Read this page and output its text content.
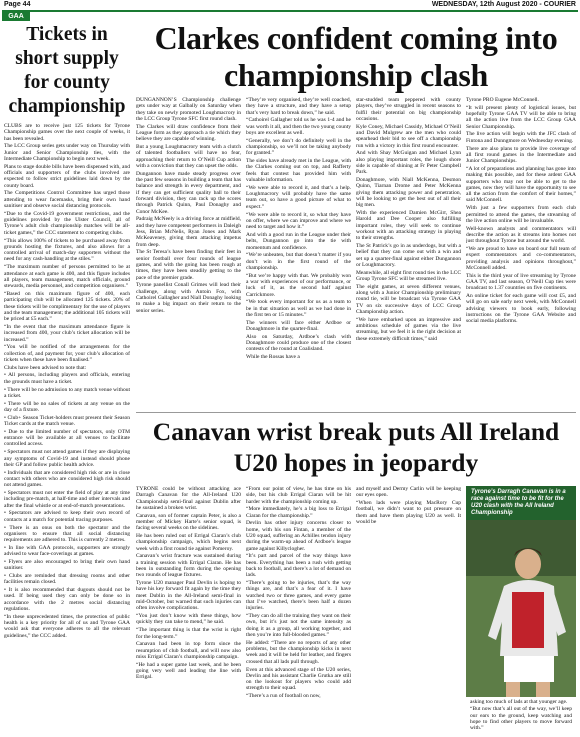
Page 44	WEDNESDAY, 12th August 2020 - COURIER
GAA
Tickets in short supply for county championship

CLUBS are to receive just 125 tickets for Tyrone Championship games over the next couple of weeks, it has been revealed.

The LCC Group series gets under way on Thursday with Junior and Senior Championship ties, with the Intermediate Championship to begin next week.

Plans to stage double bills have been dispensed with, and officials and supporters of the clubs involved are expected to follow strict guidelines laid down by the county board.

The Competitions Control Committee has urged those attending to wear facemasks, bring their own hand sanitiser and observe social distancing protocols.

“Due to the Covid-19 government restrictions, and the guidelines provided by the Ulster Council, all of Tyrone’s adult club championship matches will be all-ticket games,” the CCC statement to competing clubs.

“This allows 100% of tickets to be purchased away from grounds hosting the fixtures, and also allows for a controlled arrival of match-day supporters without the need for any cash-handling at the stiles.”

“The maximum number of persons permitted to be at attendance at each game is 400, and this figure includes all players, team management, match officials, ground stewards, media personnel, and competition organisers.”

“Based on this maximum figure of 400, each participating club will be allocated 125 tickets. 20% of these tickets will be complimentary for the use of players and the team management; the additional 105 tickets will be priced at £5 each.”

“In the event that the maximum attendance figure is increased from 400, your club’s ticket allocation will be increased.”

“You will be notified of the arrangements for the collection of, and payment for, your club’s allocation of tickets when these have been finalised.”

Clubs have been advised to note that:

• All persons, including players and officials, entering the grounds must have a ticket.

• There will be no admission to any match venue without a ticket.

• There will be no sales of tickets at any venue on the day of a fixture.

• Club+ Season Ticket-holders must present their Season Ticket cards at the match venue.

• Due to the limited number of spectators, only OTM entrance will be available at all venues to facilitate controlled access.

• Spectators must not attend games if they are displaying any symptoms of Covid-19 and instead should phone their GP and follow public health advice.

• Individuals that are considered high risk or are in close contact with others who are considered high risk should not attend games.

• Spectators must not enter the field of play at any time including pre-match, at half-time and other intervals and after the final whistle or at end-of-match presentations.

• Spectators are advised to keep their own record of contacts at a match for potential tracing purposes.

• There is an onus on both the spectator and the organisers to ensure that all social distancing requirements are adhered to. This is currently 2 metres.

• In line with GAA protocols, supporters are strongly advised to wear face-coverings at games.

• Flyers are also encouraged to bring their own hand sanitiser.

• Clubs are reminded that dressing rooms and other facilities remain closed.

• It is also recommended that dugouts should not be used. If being used they can only be done so in accordance with the 2 metres social distancing regulations.

“In these unprecedented times, the protection of public health is a key priority for all of us and Tyrone GAA would ask that everyone adheres to all the relevant guidelines,” the CCC added.

Clarkes confident coming into championship clash

DUNGANNON’S Championship challenge gets under way at Galbally on Saturday when they take on newly promoted Loughmacrory in the LCC Group Tyrone SFC first round clash.

The Clarkes will draw confidence from their League form as they approach a tie which they believe they are capable of winning.

But a young Loughmacrory team with a clutch of talented footballers will have no fear, approaching their return to O’Neill Cup action with a conviction that they can upset the odds.

Dungannon have made steady progress over the past few seasons in building a team that has balance and strength in every department, and if they can get sufficient quality ball to their forward division, they can rack up the scores through Patrick Quinn, Paul Donaghy and Conor McKee.

Padraig McNeely is a driving force at midfield, and they have competent performers in Daleigh Jess, Brian McNelis, Ryan Jones and Mark McKeaveney, giving them attacking impetus from deep.

The St Teresa’s have been finding their feet in senior football over four rounds of league games, and with the going has been rough at times, they have been steadily getting to the pace of the premier grade.

Tyrone panellist Conall Grimes will lead their challenge, along with Antoin Fox, with Cathoirel Gallagher and Niall Donaghy looking to make a big impact on their return to the senior series.

“They’re very organised, they’re well coached, they have a structure, and they have a setup that’s very hard to break down,” he said.

“Cathoirel Gallagher told us he was 1-4 and he was worth it all, and then the two young county boys are excellent as well.

“Generally, we don’t do definitely well in the championship, so we’ll not be taking anybody for granted.”

The sides have already met in the League, with the Clarkes coming out on top, and Rafferty feels that contest has provided him with valuable information.

“We were able to record it, and that’s a help. Loughmacrory will probably have the same team out, so have a good picture of what to expect.”

“We were able to record it, so what they have on offer, where we can improve and where we need to target and how it.”

And with a good run in the League under their belts, Dungannon go into the tie with momentum and confidence.

“We’re unbeaten, but that doesn’t matter if you don’t win in the first round of the championship.

“But we’re happy with that. We probably won a war with experiences of our performance, or luck of it, as the second half against Carrickmore.

“We took every important for us as a team to be in that situation as well as we had done in the first ten or 15 minutes.”

The winners will face either Ardboe or Donaghmore in the quarter-final.

Also on Saturday, Ardboe’s clash with Donaghmore could produce one of the closest contests of the round at Coalisland.

While the Rossas have a

star-studded team peppered with county players, they’ve struggled in recent seasons to fulfil their potential on big championship occasions.

Kyle Coney, Michael Cassidy, Michael O’Neill and David Mulgrew are the men who could spearhead their bid to see off a championship run with a victory in this first round encounter.

And with Shay McGuigan and Michael Lynn also playing important roles, the lough shore side is capable of shining at Fr Peter Campbell Park.

Donaghmore, with Niall McKenna, Desmon Quinn, Tiarnan Drome and Peter McKenna giving them attacking power and penetration, will be looking to get the best out of all their big men.

With the experienced Damien McGirr, Shea Harold and Dee Cooper also fulfilling important roles, they will seek to continue workout with an attacking strategy in playing to their strengths.

The St Patrick’s go in as underdogs, but with a belief that they can come out with a win and set up a quarter-final against either Dungannon or Loughmacrory.

Meanwhile, all eight first round ties in the LCC Group Tyrone SFC will be streamed live.

The eight games, at seven different venues, along with a Junior Championship preliminary round tie, will be broadcast via Tyrone GAA TV on six successive days of LCC Group Championship action.

“We have embarked upon an impressive and ambitious schedule of games via the live streaming, but we feel it is the right decision at these extremely difficult times,” said

Tyrone PRO Eugene McConnell.

“It will present plenty of logistical issues, but hopefully Tyrone GAA TV will be able to bring all the action live from the LCC Group GAA Senior Championship.

The live action will begin with the JFC clash of Fintona and Dunngmore on Wednesday evening.

There are also plans to provide live coverage of all first round games in the Intermediate and Junior Championships.

“A lot of preparations and planning has gone into making this possible, and for these ardent GAA supporters who may not be able to get to the games, now they will have the opportunity to see all the action from the comfort of their homes,” said McConnell.

With just a few supporters from each club permitted to attend the games, the streaming of the live action online will be invaluable.

Well-known analysts and commentators will describe the action as it streams into homes not just throughout Tyrone but around the world.

“We are proud to have on board our full team of expert commentators and co-commentators, providing analysis and opinions throughout,” McConnell added.

This is the third year of live streaming by Tyrone GAA TV, and last season, O’Neill Cup ties were broadcast to 1.37 countries on five continents.

An online ticket for each game will cost £5, and will go on sale early next week, with McConnell advising viewers to book early, following instructions on the Tyrone GAA Website and social media platforms.

Canavan wrist break puts All Ireland U20 hopes in jeopardy

TYRONE could be without attacking ace Darragh Canavan for the All-Ireland U20 Championship semi-final against Dublin after he sustained a broken wrist.

Canavan, son of former captain Peter, is also a member of Mickey Harte’s senior squad, is facing several weeks on the sidelines.

He has been ruled out of Errigal Ciaran’s club championship campaign, which begins next week with a first round tie against Pomeroy.

Canavan’s wrist fracture was sustained during a training session with Errigal Ciaran. He has been in outstanding form during the opening two rounds of league fixtures.

Tyrone U20 manager Paul Devlin is hoping to have his key forward fit again by the time they meet Dublin in the All-Ireland semi-final in mid-October, but warned that such injuries can often involve complications.

“You just don’t know with these things, how quickly they can take to mend,” he said.

“The important thing is that the wrist is right for the long-term.”

Canavan had been in top form since the resumption of club football, and will now also miss Errigal Ciaran’s championship campaign.

“He had a super game last week, and he been going very well and leading the line with Errigal.

“From our point of view, he has time on his side, but his club Errigal Ciaran will be hit harder with the championship coming up.

“More immediately, he’s a big loss to Errigal Ciaran for the championship.”

Devlin has other injury concerns closer to home, with his son Fintan, a member of the U20 squad, suffering an Achilles tendon injury during the warm-up ahead of Ardboe’s league game against Killyclogher.

“It’s part and parcel of the way things have been. Everything has been a rush with getting back to football, and there’s a lot of demand on lads.

“There’s going to be injuries, that’s the way things are, and that’s a fear of it. I have watched two or three games, and every game that I’ve watched, there’s been half a dozen injuries.

“They can do all the training they want on their own, but it’s just not the same intensity as doing it as a group, all working together, and then you’re into full-blooded games.”

He added: “There are no reports of any other problems, but the championship kicks in next week and it will be held for leather, and fingers crossed that all lads pull through.

Even at this advanced stage of the U20 series, Devlin and his assistant Charlie Grutka are still on the lookout for players who could add strength to their squad.

“There’s a run of football on now,

and myself and Dermy Carlin will be keeping our eyes open.

“When lads were playing MacRory Cup football, we didn’t want to put pressure on them and have them playing U20 as well. It would be

Tyrone’s Darragh Canavan is in a race against time to be fit for the U20 clash with the All Ireland Championship

asking too much of lads at that younger age.

“But now that’s all out of the way, we’ll keep our ears to the ground, keep watching and hope to find other players to move forward with.”
